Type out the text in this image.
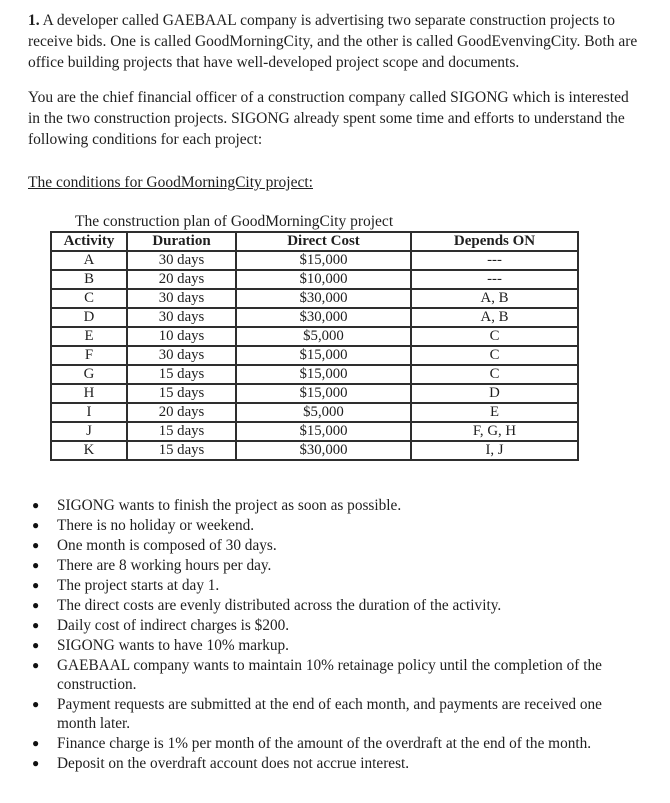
1. A developer called GAEBAAL company is advertising two separate construction projects to receive bids. One is called GoodMorningCity, and the other is called GoodEvenvingCity. Both are office building projects that have well-developed project scope and documents.

You are the chief financial officer of a construction company called SIGONG which is interested in the two construction projects. SIGONG already spent some time and efforts to understand the following conditions for each project:

The conditions for GoodMorningCity project:
The construction plan of GoodMorningCity project
Activity	Duration	Direct Cost	Depends ON
A	30 days	$15,000	---
B	20 days	$10,000	---
C	30 days	$30,000	A, B
D	30 days	$30,000	A, B
E	10 days	$5,000	C
F	30 days	$15,000	C
G	15 days	$15,000	C
H	15 days	$15,000	D
I	20 days	$5,000	E
J	15 days	$15,000	F, G, H
K	15 days	$30,000	I, J
●	SIGONG wants to finish the project as soon as possible.
●	There is no holiday or weekend.
●	One month is composed of 30 days.
●	There are 8 working hours per day.
●	The project starts at day 1.
●	The direct costs are evenly distributed across the duration of the activity.
●	Daily cost of indirect charges is $200.
●	SIGONG wants to have 10% markup.
●	GAEBAAL company wants to maintain 10% retainage policy until the completion of the construction.
●	Payment requests are submitted at the end of each month, and payments are received one month later.
●	Finance charge is 1% per month of the amount of the overdraft at the end of the month.
●	Deposit on the overdraft account does not accrue interest.
